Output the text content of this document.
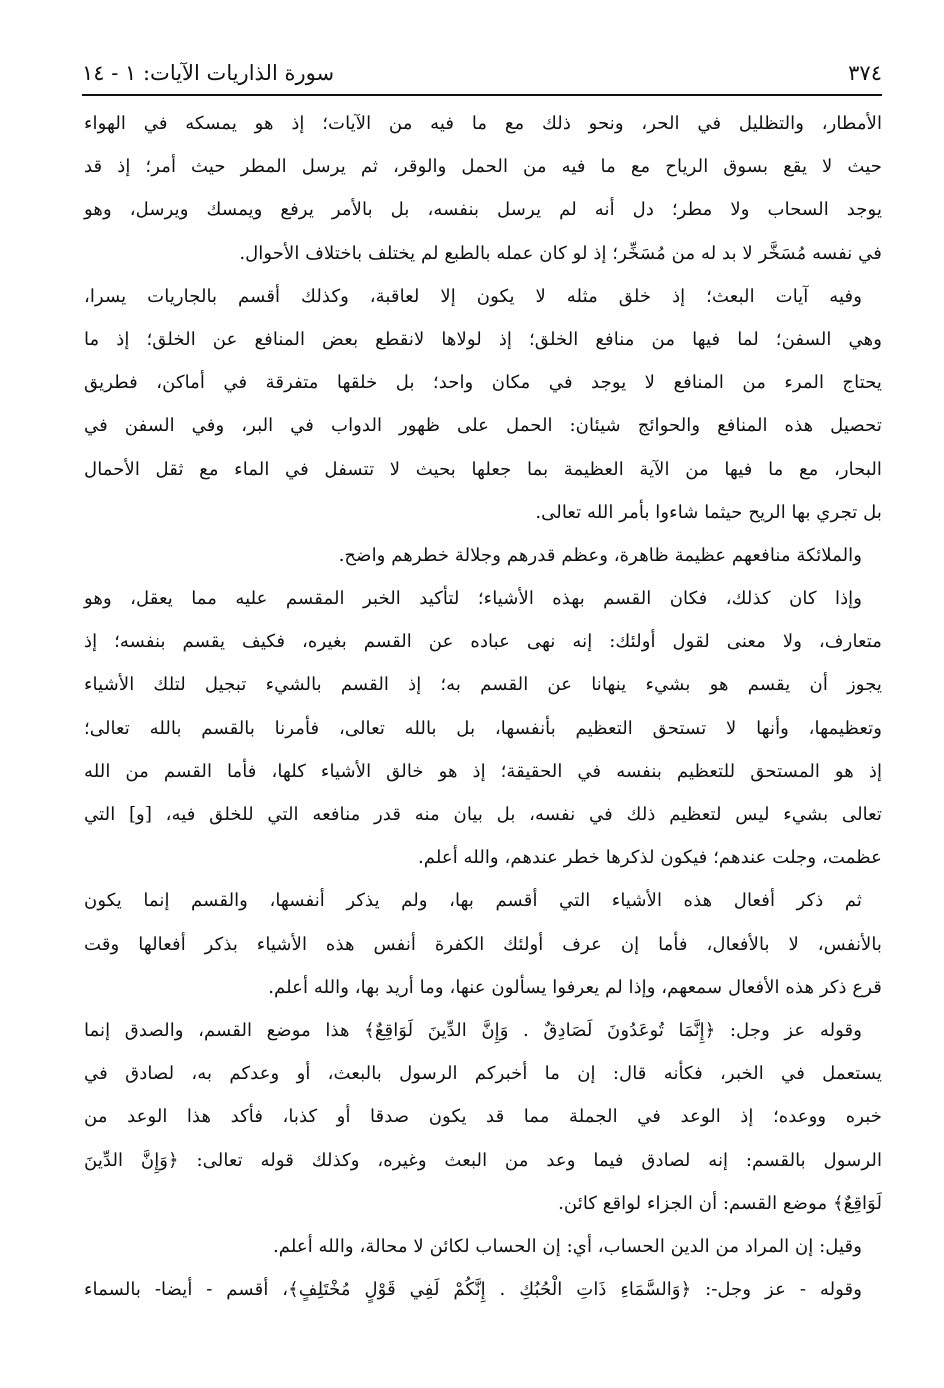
٣٧٤
سورة الذاريات الآيات: ١ - ١٤
الأمطار، والتظليل في الحر، ونحو ذلك مع ما فيه من الآيات؛ إذ هو يمسكه في الهواء
حيث لا يقع بسوق الرياح مع ما فيه من الحمل والوقر، ثم يرسل المطر حيث أمر؛ إذ قد
يوجد السحاب ولا مطر؛ دل أنه لم يرسل بنفسه، بل بالأمر يرفع ويمسك ويرسل، وهو
في نفسه مُسَخَّر لا بد له من مُسَخِّر؛ إذ لو كان عمله بالطبع لم يختلف باختلاف الأحوال.
وفيه آيات البعث؛ إذ خلق مثله لا يكون إلا لعاقبة، وكذلك أقسم بالجاريات يسرا،
وهي السفن؛ لما فيها من منافع الخلق؛ إذ لولاها لانقطع بعض المنافع عن الخلق؛ إذ ما
يحتاج المرء من المنافع لا يوجد في مكان واحد؛ بل خلقها متفرقة في أماكن، فطريق
تحصيل هذه المنافع والحوائج شيئان: الحمل على ظهور الدواب في البر، وفي السفن في
البحار، مع ما فيها من الآية العظيمة بما جعلها بحيث لا تتسفل في الماء مع ثقل الأحمال
بل تجري بها الريح حيثما شاءوا بأمر الله تعالى.
والملائكة منافعهم عظيمة ظاهرة، وعظم قدرهم وجلالة خطرهم واضح.
وإذا كان كذلك، فكان القسم بهذه الأشياء؛ لتأكيد الخبر المقسم عليه مما يعقل، وهو
متعارف، ولا معنى لقول أولئك: إنه نهى عباده عن القسم بغيره، فكيف يقسم بنفسه؛ إذ
يجوز أن يقسم هو بشيء ينهانا عن القسم به؛ إذ القسم بالشيء تبجيل لتلك الأشياء
وتعظيمها، وأنها لا تستحق التعظيم بأنفسها، بل بالله تعالى، فأمرنا بالقسم بالله تعالى؛
إذ هو المستحق للتعظيم بنفسه في الحقيقة؛ إذ هو خالق الأشياء كلها، فأما القسم من الله
تعالى بشيء ليس لتعظيم ذلك في نفسه، بل بيان منه قدر منافعه التي للخلق فيه، [و] التي
عظمت، وجلت عندهم؛ فيكون لذكرها خطر عندهم، والله أعلم.
ثم ذكر أفعال هذه الأشياء التي أقسم بها، ولم يذكر أنفسها، والقسم إنما يكون
بالأنفس، لا بالأفعال، فأما إن عرف أولئك الكفرة أنفس هذه الأشياء بذكر أفعالها وقت
قرع ذكر هذه الأفعال سمعهم، وإذا لم يعرفوا يسألون عنها، وما أريد بها، والله أعلم.
وقوله عز وجل: ﴿إِنَّمَا تُوعَدُونَ لَصَادِقٌ . وَإِنَّ الدِّينَ لَوَاقِعٌ﴾ هذا موضع القسم، والصدق إنما
يستعمل في الخبر، فكأنه قال: إن ما أخبركم الرسول بالبعث، أو وعدكم به، لصادق في
خبره ووعده؛ إذ الوعد في الجملة مما قد يكون صدقا أو كذبا، فأكد هذا الوعد من
الرسول بالقسم: إنه لصادق فيما وعد من البعث وغيره، وكذلك قوله تعالى: ﴿وَإِنَّ الدِّينَ
لَوَاقِعٌ﴾ موضع القسم: أن الجزاء لواقع كائن.
وقيل: إن المراد من الدين الحساب، أي: إن الحساب لكائن لا محالة، والله أعلم.
وقوله - عز وجل-: ﴿وَالسَّمَاءِ ذَاتِ الْحُبُكِ . إِنَّكُمْ لَفِي قَوْلٍ مُخْتَلِفٍ﴾، أقسم - أيضا- بالسماء
